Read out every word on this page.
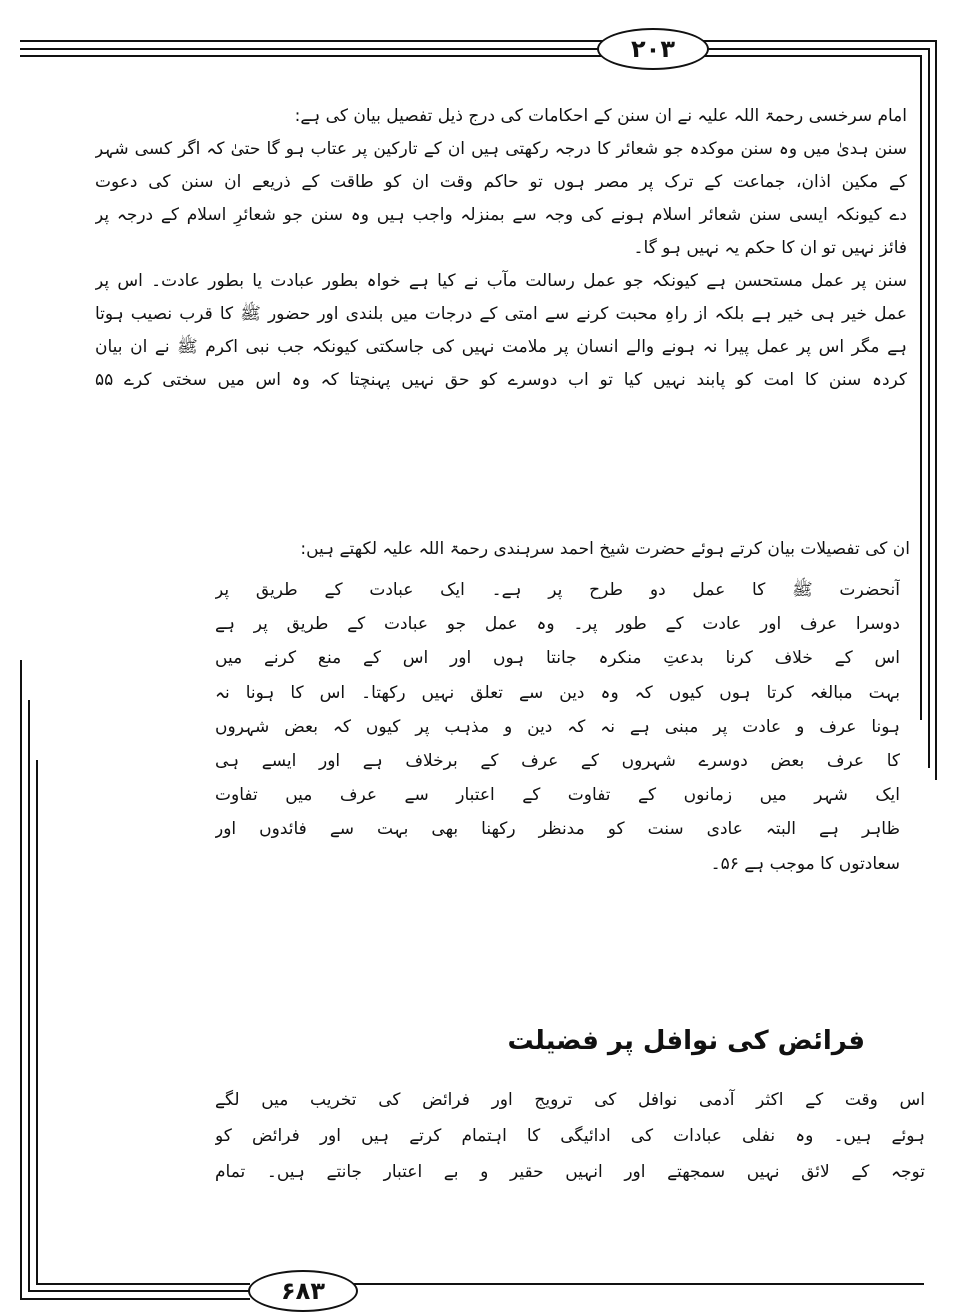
۲۰۳
۶۸۳
امام سرخسی رحمۃ اللہ علیہ نے ان سنن کے احکامات کی درج ذیل تفصیل بیان کی ہے:
سنن ہدیٰ میں وہ سنن موکدہ جو شعائر کا درجہ رکھتی ہیں ان کے تارکین پر عتاب ہو گا حتیٰ کہ اگر کسی شہر
کے مکین اذان، جماعت کے ترک پر مصر ہوں تو حاکم وقت ان کو طاقت کے ذریعے ان سنن کی دعوت
دے کیونکہ ایسی سنن شعائر اسلام ہونے کی وجہ سے بمنزلہ واجب ہیں وہ سنن جو شعائرِ اسلام کے درجہ پر
فائز نہیں تو ان کا حکم یہ نہیں ہو گا۔
سنن پر عمل مستحسن ہے کیونکہ جو عمل رسالت مآب نے کیا ہے خواہ بطور عبادت یا بطور عادت۔ اس پر
عمل خیر ہی خیر ہے بلکہ از راہِ محبت کرنے سے امتی کے درجات میں بلندی اور حضور ﷺ کا قرب نصیب ہوتا
ہے مگر اس پر عمل پیرا نہ ہونے والے انسان پر ملامت نہیں کی جاسکتی کیونکہ جب نبی اکرم ﷺ نے ان بیان
کردہ سنن کا امت کو پابند نہیں کیا تو اب دوسرے کو حق نہیں پہنچتا کہ وہ اس میں سختی کرے ۵۵
ان کی تفصیلات بیان کرتے ہوئے حضرت شیخ احمد سرہندی رحمۃ اللہ علیہ لکھتے ہیں:
آنحضرت ﷺ کا عمل دو طرح پر ہے۔ ایک عبادت کے طریق پر
دوسرا عرف اور عادت کے طور پر۔ وہ عمل جو عبادت کے طریق پر ہے
اس کے خلاف کرنا بدعتِ منکرہ جانتا ہوں اور اس کے منع کرنے میں
بہت مبالغہ کرتا ہوں کیوں کہ وہ دین سے تعلق نہیں رکھتا۔ اس کا ہونا نہ
ہونا عرف و عادت پر مبنی ہے نہ کہ دین و مذہب پر کیوں کہ بعض شہروں
کا عرف بعض دوسرے شہروں کے عرف کے برخلاف ہے اور ایسے ہی
ایک شہر میں زمانوں کے تفاوت کے اعتبار سے عرف میں تفاوت
ظاہر ہے البتہ عادی سنت کو مدنظر رکھنا بھی بہت سے فائدوں اور
سعادتوں کا موجب ہے ۵۶۔
فرائض کی نوافل پر فضیلت
اس وقت کے اکثر آدمی نوافل کی ترویج اور فرائض کی تخریب میں لگے
ہوئے ہیں۔ وہ نفلی عبادات کی ادائیگی کا اہتمام کرتے ہیں اور فرائض کو
توجہ کے لائق نہیں سمجھتے اور انہیں حقیر و بے اعتبار جانتے ہیں۔ تمام
